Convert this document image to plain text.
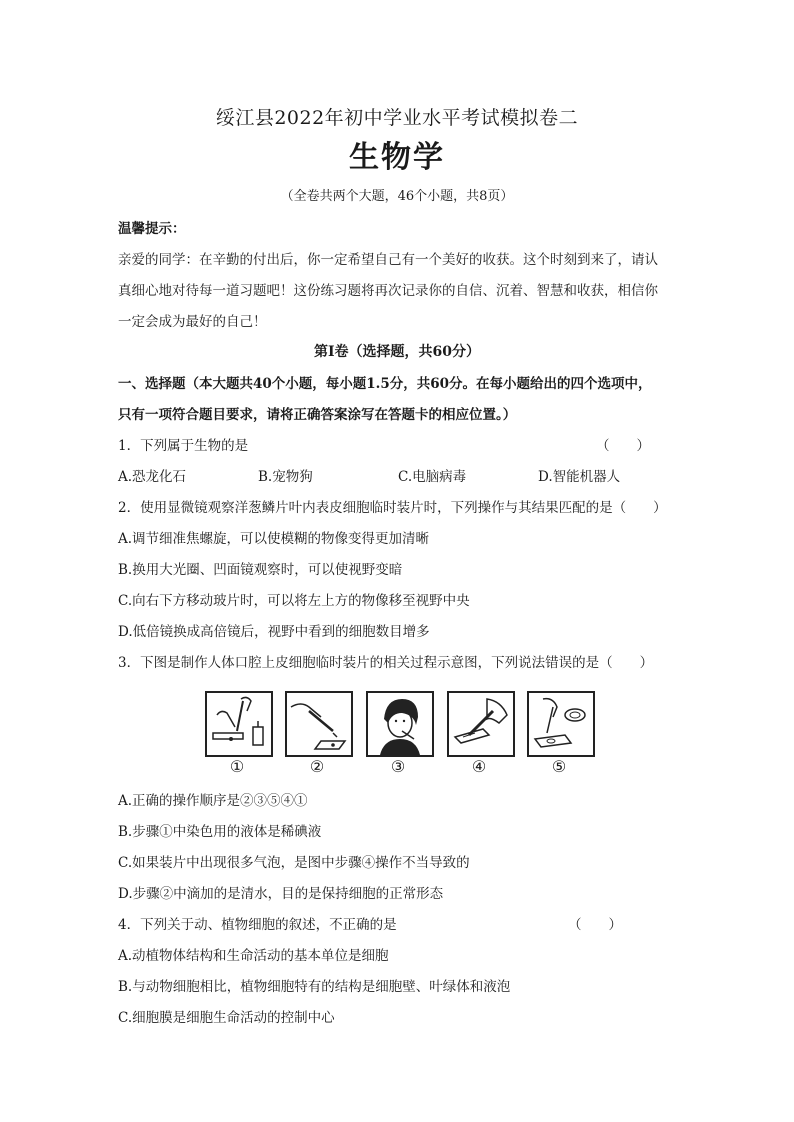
绥江县2022年初中学业水平考试模拟卷二
生物学
（全卷共两个大题，46个小题，共8页）
温馨提示：
亲爱的同学：在辛勤的付出后，你一定希望自己有一个美好的收获。这个时刻到来了，请认
真细心地对待每一道习题吧！这份练习题将再次记录你的自信、沉着、智慧和收获，相信你
一定会成为最好的自己！
第Ⅰ卷（选择题，共60分）
一、选择题（本大题共40个小题，每小题1.5分，共60分。在每小题给出的四个选项中，
只有一项符合题目要求，请将正确答案涂写在答题卡的相应位置。）
1．下列属于生物的是	（　　）
A.恐龙化石	B.宠物狗	C.电脑病毒	D.智能机器人
2．使用显微镜观察洋葱鳞片叶内表皮细胞临时装片时，下列操作与其结果匹配的是（　　）
A.调节细准焦螺旋，可以使模糊的物像变得更加清晰
B.换用大光圈、凹面镜观察时，可以使视野变暗
C.向右下方移动玻片时，可以将左上方的物像移至视野中央
D.低倍镜换成高倍镜后，视野中看到的细胞数目增多
3．下图是制作人体口腔上皮细胞临时装片的相关过程示意图，下列说法错误的是（　　）
①	②	③	④	⑤
A.正确的操作顺序是②③⑤④①
B.步骤①中染色用的液体是稀碘液
C.如果装片中出现很多气泡，是图中步骤④操作不当导致的
D.步骤②中滴加的是清水，目的是保持细胞的正常形态
4．下列关于动、植物细胞的叙述，不正确的是	（　　）
A.动植物体结构和生命活动的基本单位是细胞
B.与动物细胞相比，植物细胞特有的结构是细胞壁、叶绿体和液泡
C.细胞膜是细胞生命活动的控制中心
